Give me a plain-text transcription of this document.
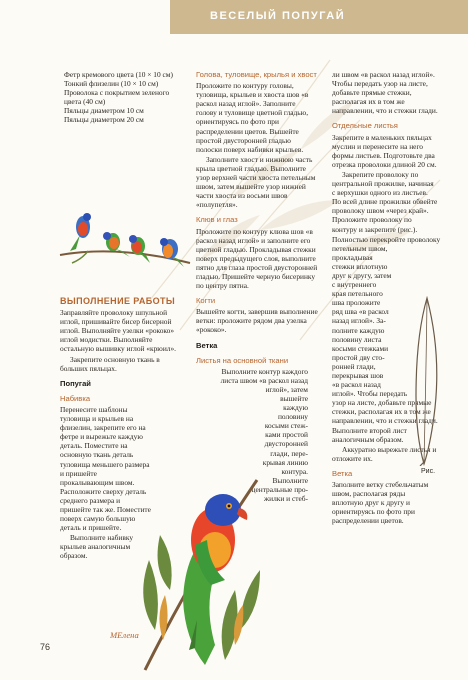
ВЕСЕЛЫЙ ПОПУГАЙ
Фетр кремового цвета (10 × 10 см)
Тонкий флизелин (10 × 10 см)
Проволока с покрытием зеленого цвета (40 см)
Пяльцы диаметром 10 см
Пяльцы диаметром 20 см
ВЫПОЛНЕНИЕ РАБОТЫ

Заправляйте проволоку шпульной иглой, пришивайте бисер бисерной иглой. Выполняйте узелки «рококо» иглой модистки. Выполняйте остальную вышивку иглой «крюил».

Закрепите основную ткань в больших пяльцах.

Попугай
Набивка

Перенесите шаблоны туловища и крыльев на флизелин, закрепите его на фетре и вырежьте каждую деталь. Поместите на основную ткань деталь туловища меньшего размера и пришейте прокалывающим швом. Расположите сверху деталь среднего размера и пришейте так же. Поместите поверх самую большую деталь и пришейте.

Выполните набивку крыльев аналогичным образом.

Голова, туловище, крылья и хвост

Проложите по контуру головы, туловища, крыльев и хвоста шов «в раскол назад иглой». Заполните голову и туловище цветной гладью, ориентируясь по фото при распределении цветов. Вышейте простой двусторонней гладью полоски поверх набивки крыльев.

Заполните хвост и нижнюю часть крыла цветной гладью. Выполните узор верхней части хвоста петельным швом, затем вышейте узор нижней части хвоста из восьми швов «полупетля».

Клюв и глаз

Проложите по контуру клюва шов «в раскол назад иглой» и заполните его цветной гладью. Прокладывая стежки поверх предыдущего слоя, выполните пятно для глаза простой двусторонней гладью. Пришейте черную бисеринку по центру пятна.

Когти

Вышейте когти, завершив выполнение ветки: проложите рядом два узелка «рококо».

Ветка
Листья на основной ткани
Выполните контур каждого
листа швом «в раскол назад
иглой», затем
вышейте
каждую
половину
косыми стеж-
ками простой
двусторонней
глади, пере-
крывая линию
контура.
Выполните
центральные про-
жилки и стеб-

ли швом «в раскол назад иглой». Чтобы передать узор на листе, добавьте прямые стежки, располагая их в том же направлении, что и стежки глади.

Отдельные листья

Закрепите в маленьких пяльцах муслин и перенесите на него формы листьев. Подготовьте два отрезка проволоки длиной 20 см.

Закрепите проволоку по центральной прожилке, начиная с верхушки одного из листьев. По всей длине прожилки обвейте проволоку швом «через край». Проложите проволоку по контуру и закрепите (рис.).

Полностью перекройте проволоку
петельным швом,
прокладывая
стежки вплотную
друг к другу, затем
с внутреннего
края петельного
шва проложите
ряд шва «в раскол
назад иглой». За-
полните каждую
половину листа
косыми стежками
простой дву сто-
ронней глади,
перекрывая шов
«в раскол назад
иглой». Чтобы передать

узор на листе, добавьте прямые стежки, располагая их в том же направлении, что и стежки глади. Выполните второй лист аналогичным образом.

Аккуратно вырежьте листья и отложите их.

Ветка

Заполните ветку стебельчатым швом, располагая ряды вплотную друг к другу и ориентируясь по фото при распределении цветов.

Рис.
MЕлена
76
